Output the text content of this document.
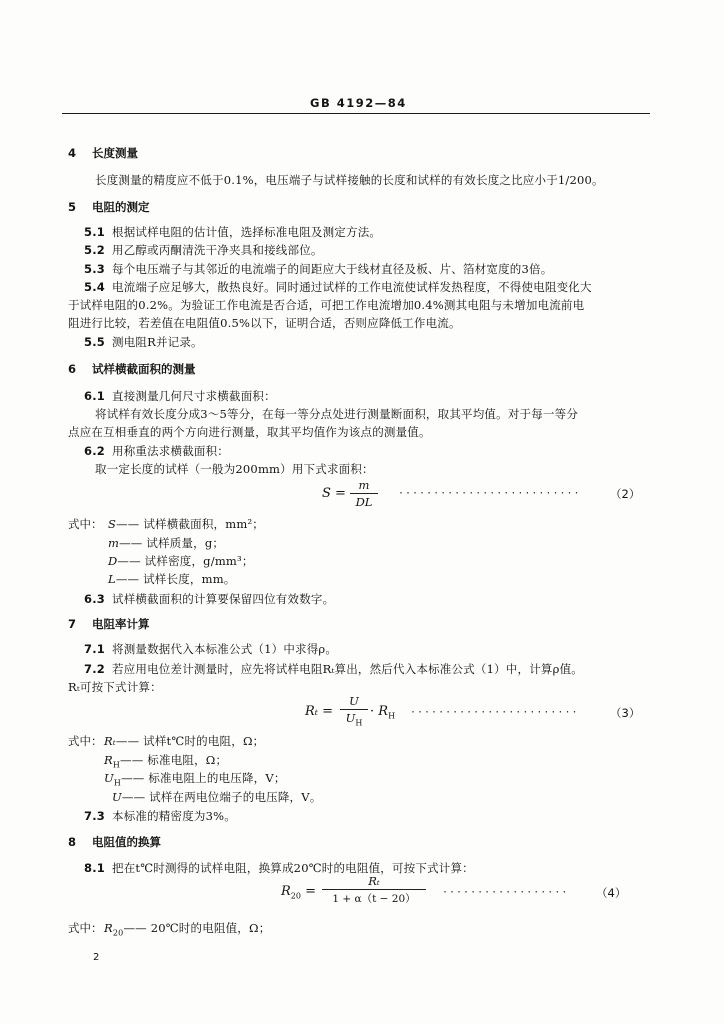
GB 4192—84
4 长度测量
长度测量的精度应不低于0.1%，电压端子与试样接触的长度和试样的有效长度之比应小于1/200。
5 电阻的测定
5.1 根据试样电阻的估计值，选择标准电阻及测定方法。
5.2 用乙醇或丙酮清洗干净夹具和接线部位。
5.3 每个电压端子与其邻近的电流端子的间距应大于线材直径及板、片、箔材宽度的3倍。
5.4 电流端子应足够大，散热良好。同时通过试样的工作电流使试样发热程度，不得使电阻变化大
于试样电阻的0.2%。为验证工作电流是否合适，可把工作电流增加0.4%测其电阻与未增加电流前电
阻进行比较，若差值在电阻值0.5%以下，证明合适，否则应降低工作电流。
5.5 测电阻R并记录。
6 试样横截面积的测量
6.1 直接测量几何尺寸求横截面积：
将试样有效长度分成3～5等分，在每一等分点处进行测量断面积，取其平均值。对于每一等分
点应在互相垂直的两个方向进行测量，取其平均值作为该点的测量值。
6.2 用称重法求横截面积：
取一定长度的试样（一般为200mm）用下式求面积：
S =
m
DL
··························	（2）
式中： S—— 试样横截面积，mm²；
m—— 试样质量，g；
D—— 试样密度，g/mm³；
L—— 试样长度，mm。
6.3 试样横截面积的计算要保留四位有效数字。
7 电阻率计算
7.1 将测量数据代入本标准公式（1）中求得ρ。
7.2 若应用电位差计测量时，应先将试样电阻Rₜ算出，然后代入本标准公式（1）中，计算ρ值。
Rₜ可按下式计算：
Rₜ =
U
$U_H$
· $R_H$ ························	（3）
式中： Rₜ—— 试样t℃时的电阻，Ω；
$R_H——$ 标准电阻，Ω；
$U_H——$ 标准电阻上的电压降，V；
U—— 试样在两电位端子的电压降，V。
7.3 本标准的精密度为3%。
8 电阻值的换算
8.1 把在t℃时测得的试样电阻，换算成20℃时的电阻值，可按下式计算：
$R_{20}$ =
Rₜ
1 + α（t − 20）
·················· （4）
式中： $R_{20}——$ 20℃时的电阻值，Ω；
2
